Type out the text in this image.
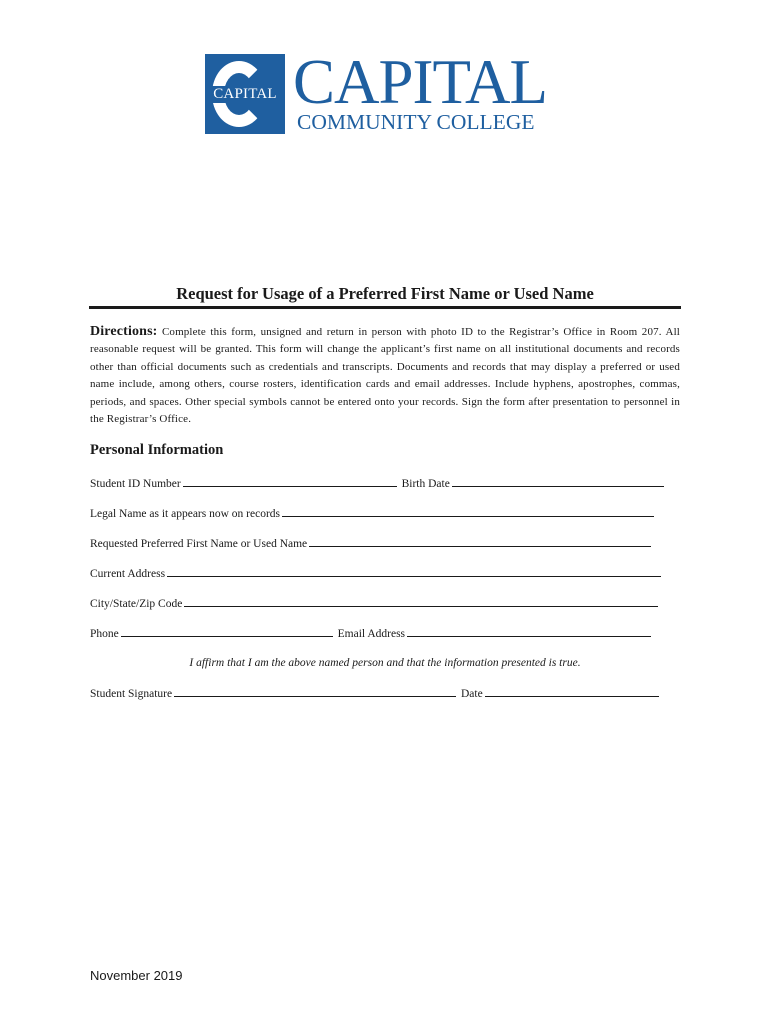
CAPITAL CAPITAL
COMMUNITY COLLEGE
Request for Usage of a Preferred First Name or Used Name
Directions: Complete this form, unsigned and return in person with photo ID to the Registrar’s Office in Room 207. All reasonable request will be granted. This form will change the applicant’s first name on all institutional documents and records other than official documents such as credentials and transcripts. Documents and records that may display a preferred or used name include, among others, course rosters, identification cards and email addresses. Include hyphens, apostrophes, commas, periods, and spaces. Other special symbols cannot be entered onto your records. Sign the form after presentation to personnel in the Registrar’s Office.
Personal Information
Student ID Number	Birth Date
Legal Name as it appears now on records
Requested Preferred First Name or Used Name
Current Address
City/State/Zip Code
Phone	Email Address
I affirm that I am the above named person and that the information presented is true.
Student Signature	Date
November 2019
